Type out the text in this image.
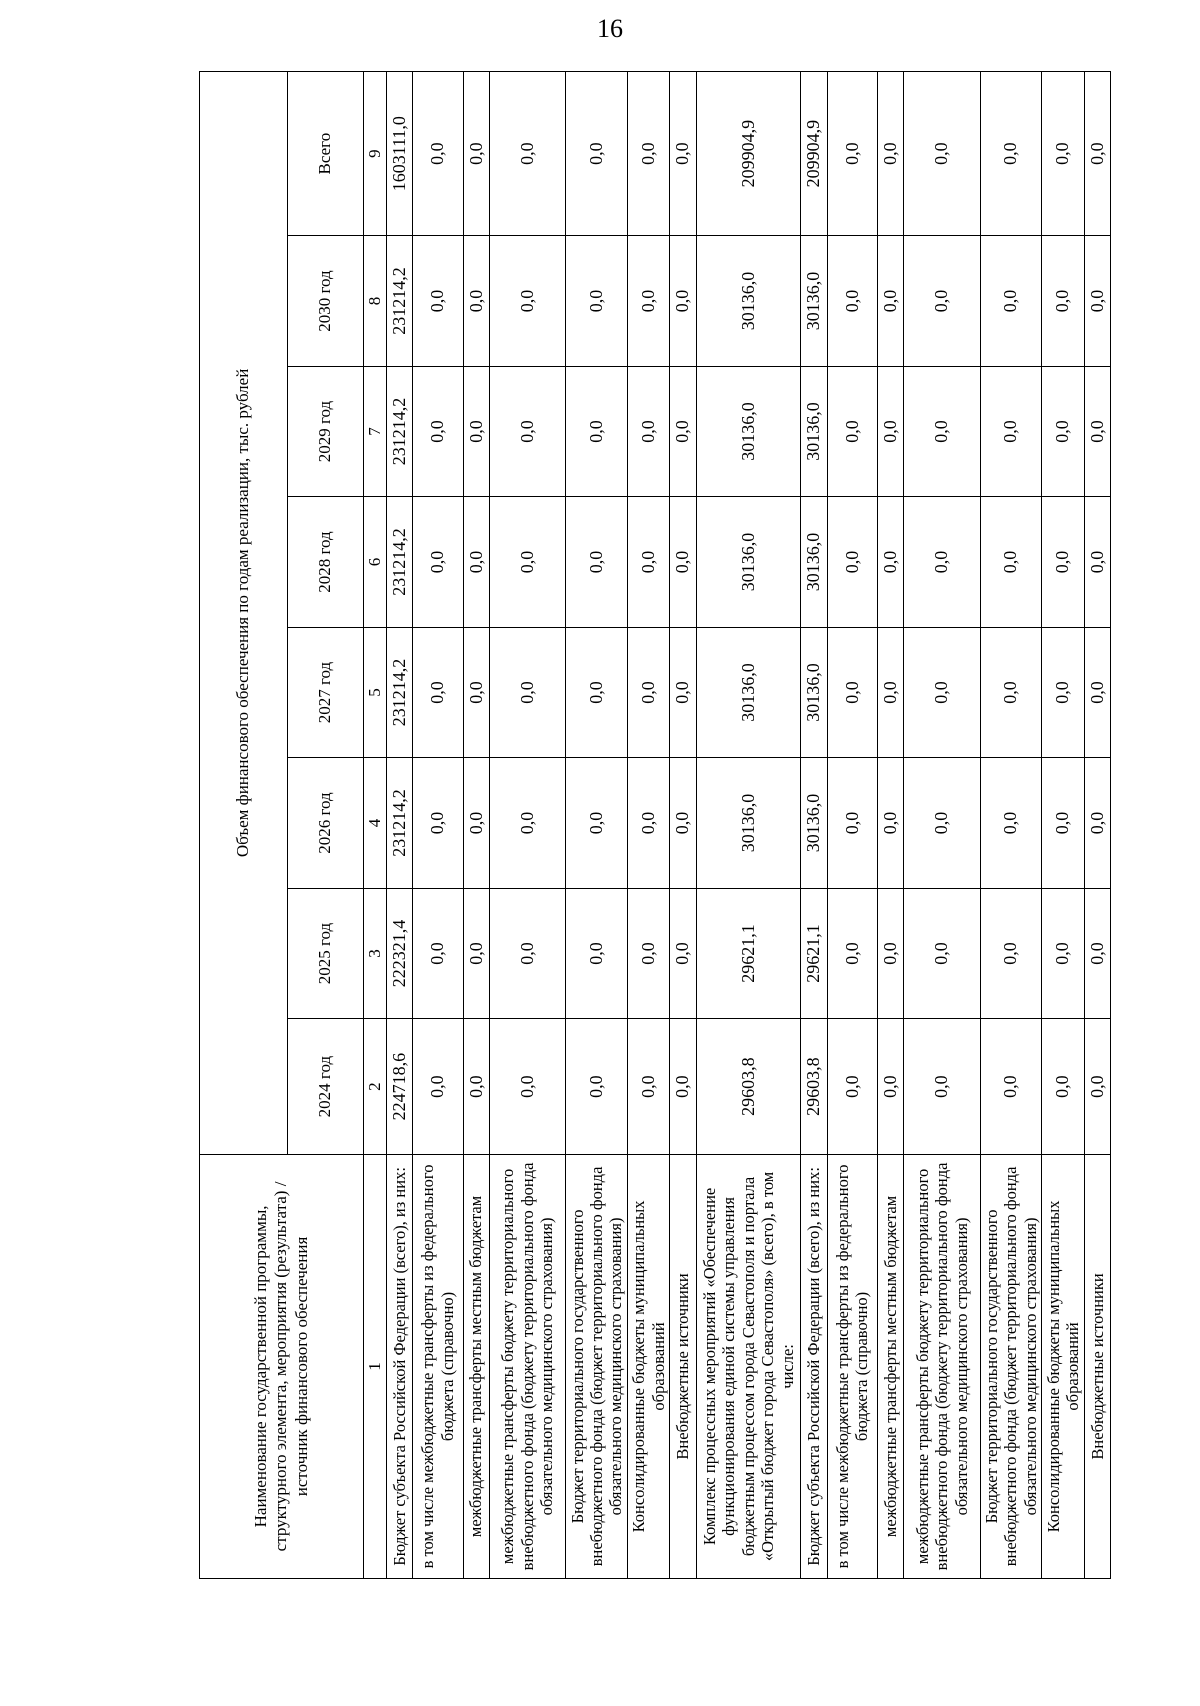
16
Наименование государственной программы, структурного элемента, мероприятия (результата) / источник финансового обеспечения	Объем финансового обеспечения по годам реализации, тыс. рублей							
	2024 год	2025 год	2026 год	2027 год	2028 год	2029 год	2030 год	Всего
1	2	3	4	5	6	7	8	9
Бюджет субъекта Российской Федерации (всего), из них:	224718,6	222321,4	231214,2	231214,2	231214,2	231214,2	231214,2	1603111,0
в том числе межбюджетные трансферты из федерального бюджета (справочно)	0,0	0,0	0,0	0,0	0,0	0,0	0,0	0,0
межбюджетные трансферты местным бюджетам	0,0	0,0	0,0	0,0	0,0	0,0	0,0	0,0
межбюджетные трансферты бюджету территориального внебюджетного фонда (бюджету территориального фонда обязательного медицинского страхования)	0,0	0,0	0,0	0,0	0,0	0,0	0,0	0,0
Бюджет территориального государственного внебюджетного фонда (бюджет территориального фонда обязательного медицинского страхования)	0,0	0,0	0,0	0,0	0,0	0,0	0,0	0,0
Консолидированные бюджеты муниципальных образований	0,0	0,0	0,0	0,0	0,0	0,0	0,0	0,0
Внебюджетные источники	0,0	0,0	0,0	0,0	0,0	0,0	0,0	0,0
Комплекс процессных мероприятий «Обеспечение функционирования единой системы управления бюджетным процессом города Севастополя и портала «Открытый бюджет города Севастополя» (всего), в том числе:	29603,8	29621,1	30136,0	30136,0	30136,0	30136,0	30136,0	209904,9
Бюджет субъекта Российской Федерации (всего), из них:	29603,8	29621,1	30136,0	30136,0	30136,0	30136,0	30136,0	209904,9
в том числе межбюджетные трансферты из федерального бюджета (справочно)	0,0	0,0	0,0	0,0	0,0	0,0	0,0	0,0
межбюджетные трансферты местным бюджетам	0,0	0,0	0,0	0,0	0,0	0,0	0,0	0,0
межбюджетные трансферты бюджету территориального внебюджетного фонда (бюджету территориального фонда обязательного медицинского страхования)	0,0	0,0	0,0	0,0	0,0	0,0	0,0	0,0
Бюджет территориального государственного внебюджетного фонда (бюджет территориального фонда обязательного медицинского страхования)	0,0	0,0	0,0	0,0	0,0	0,0	0,0	0,0
Консолидированные бюджеты муниципальных образований	0,0	0,0	0,0	0,0	0,0	0,0	0,0	0,0
Внебюджетные источники	0,0	0,0	0,0	0,0	0,0	0,0	0,0	0,0
